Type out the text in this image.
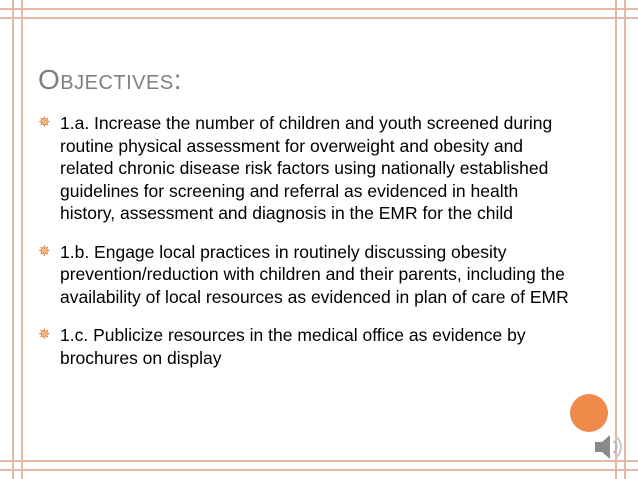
Objectives:
✵ 1.a. Increase the number of children and youth screened during routine physical assessment for overweight and obesity and related chronic disease risk factors using nationally established guidelines for screening and referral as evidenced in health history, assessment and diagnosis in the EMR for the child
✵ 1.b. Engage local practices in routinely discussing obesity prevention/reduction with children and their parents, including the availability of local resources as evidenced in plan of care of EMR
✵ 1.c. Publicize resources in the medical office as evidence by brochures on display
